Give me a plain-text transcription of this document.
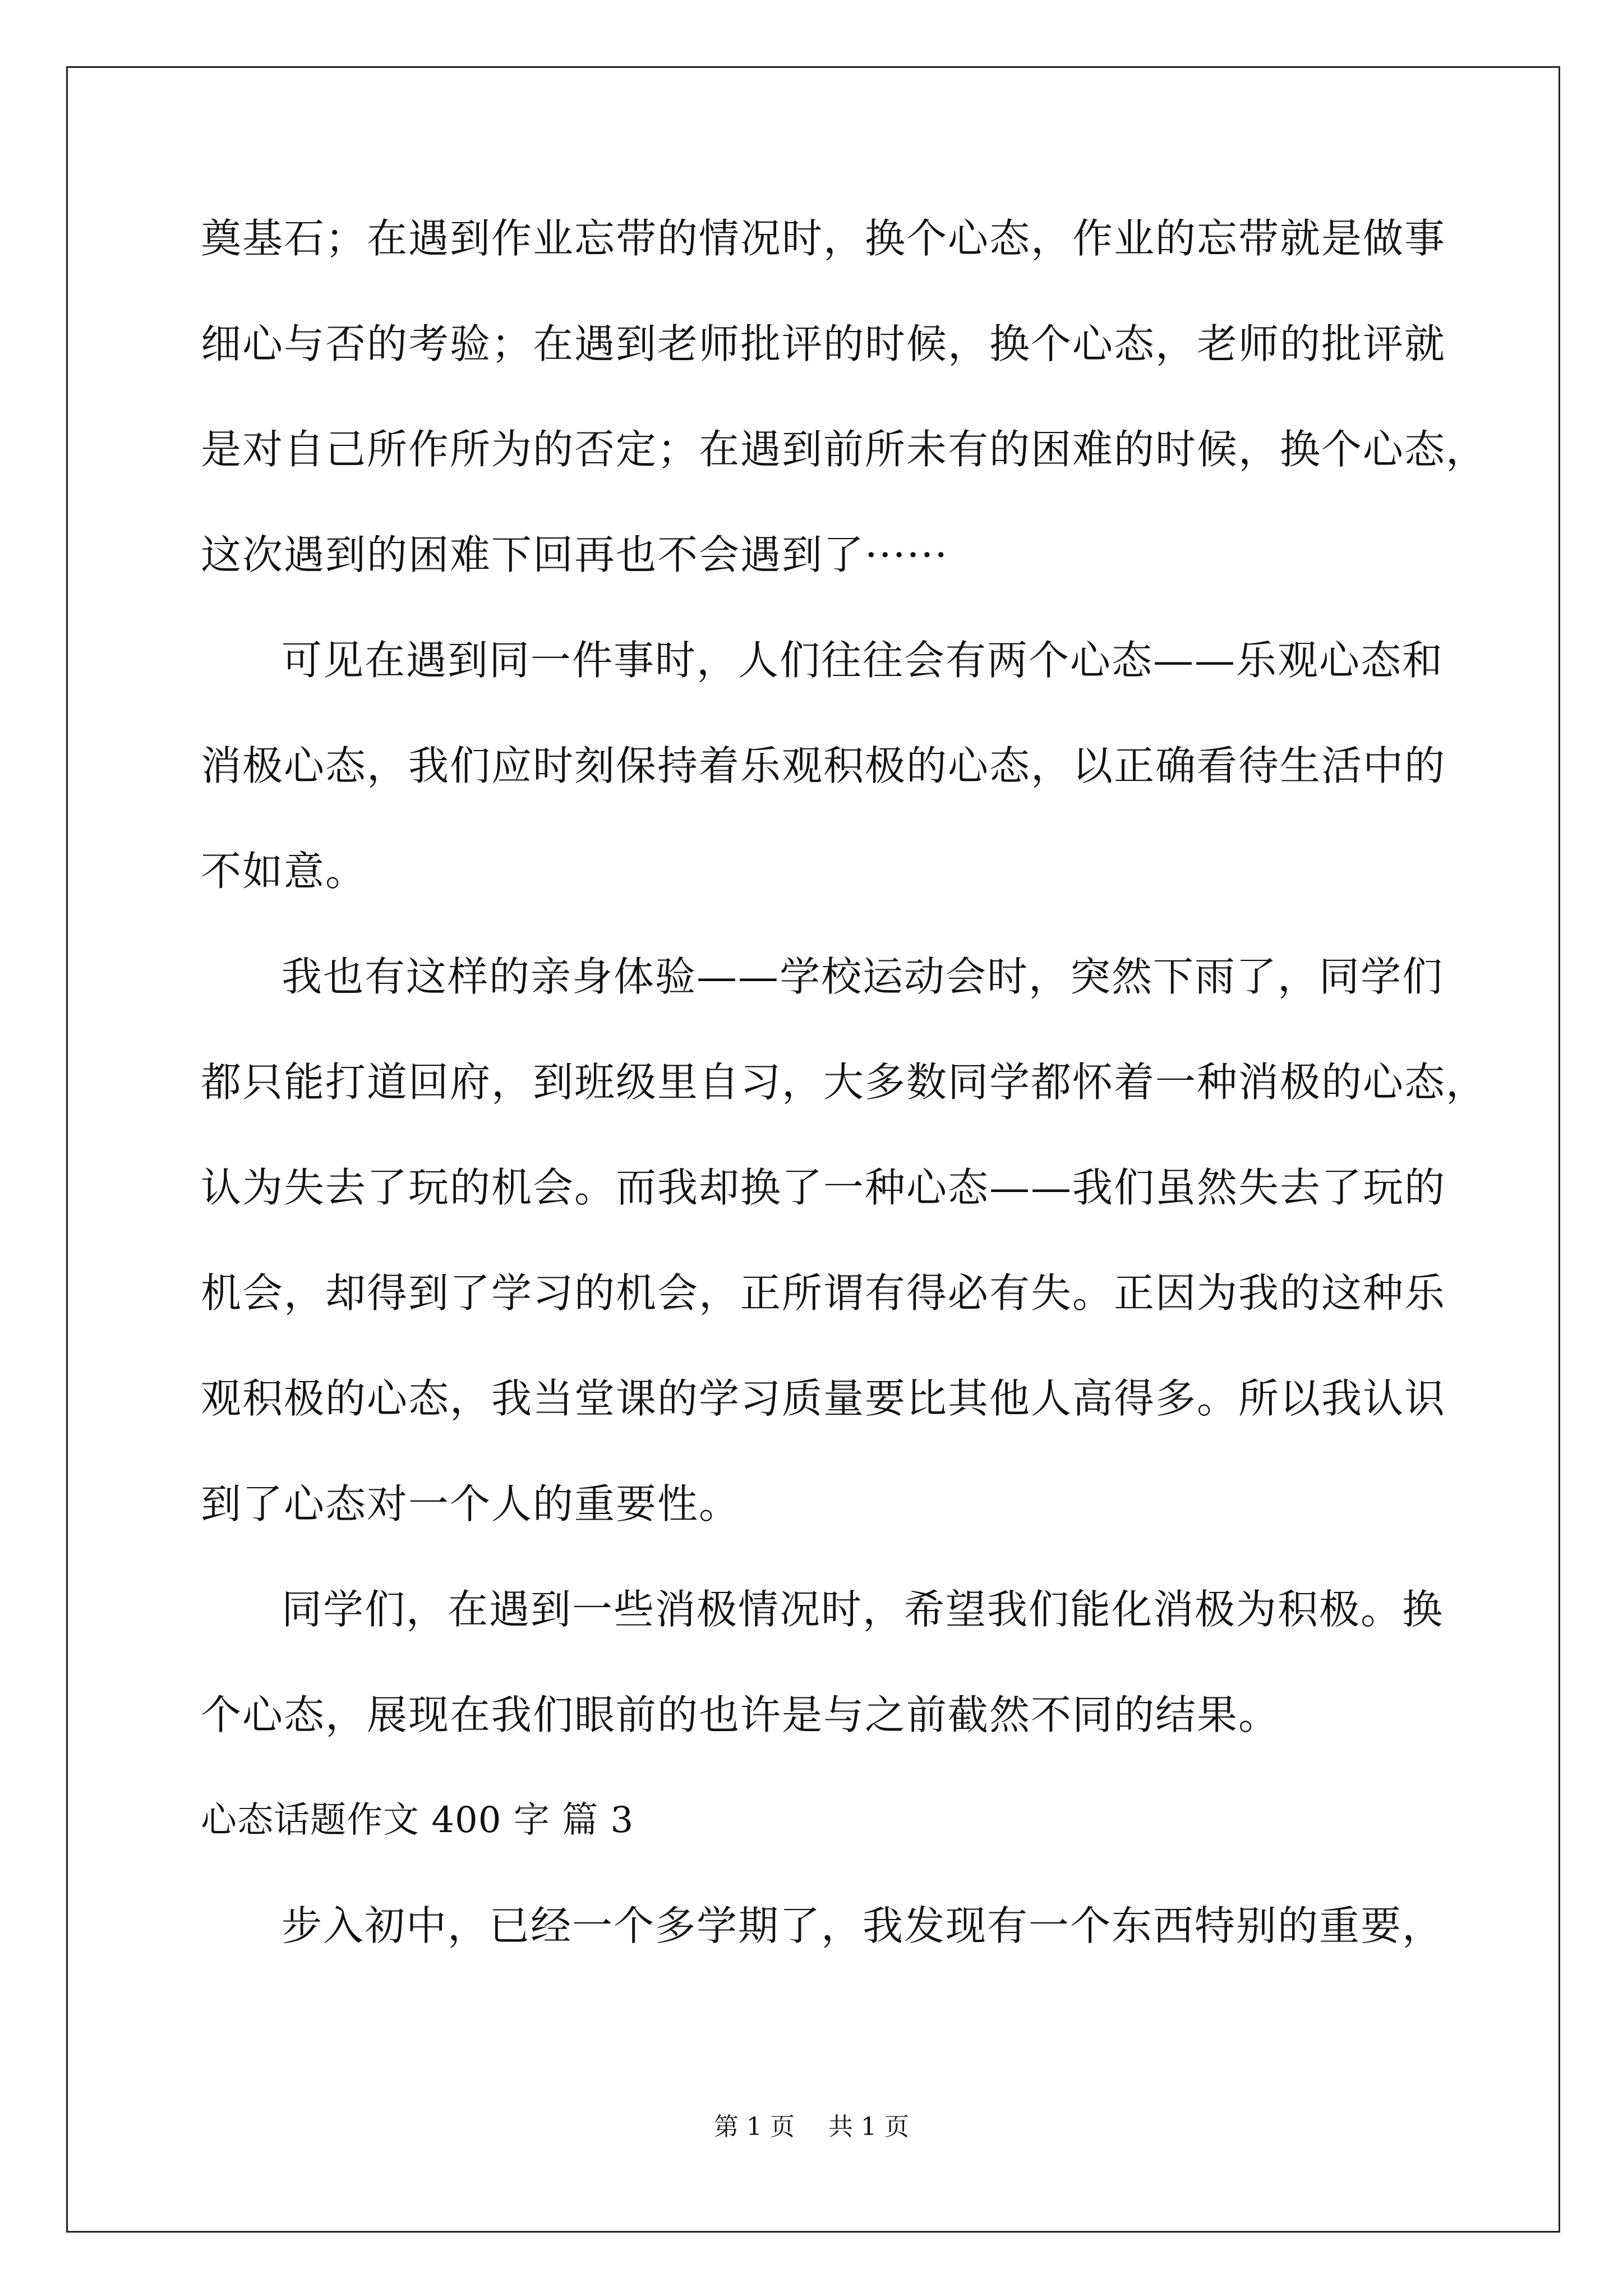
奠基石；在遇到作业忘带的情况时，换个心态，作业的忘带就是做事
细心与否的考验；在遇到老师批评的时候，换个心态，老师的批评就
是对自己所作所为的否定；在遇到前所未有的困难的时候，换个心态，
这次遇到的困难下回再也不会遇到了······
可见在遇到同一件事时，人们往往会有两个心态——乐观心态和
消极心态，我们应时刻保持着乐观积极的心态，以正确看待生活中的
不如意。
我也有这样的亲身体验——学校运动会时，突然下雨了，同学们
都只能打道回府，到班级里自习，大多数同学都怀着一种消极的心态，
认为失去了玩的机会。而我却换了一种心态——我们虽然失去了玩的
机会，却得到了学习的机会，正所谓有得必有失。正因为我的这种乐
观积极的心态，我当堂课的学习质量要比其他人高得多。所以我认识
到了心态对一个人的重要性。
同学们，在遇到一些消极情况时，希望我们能化消极为积极。换
个心态，展现在我们眼前的也许是与之前截然不同的结果。
心态话题作文 400 字 篇 3
步入初中，已经一个多学期了，我发现有一个东西特别的重要，
第 1 页 共 1 页
